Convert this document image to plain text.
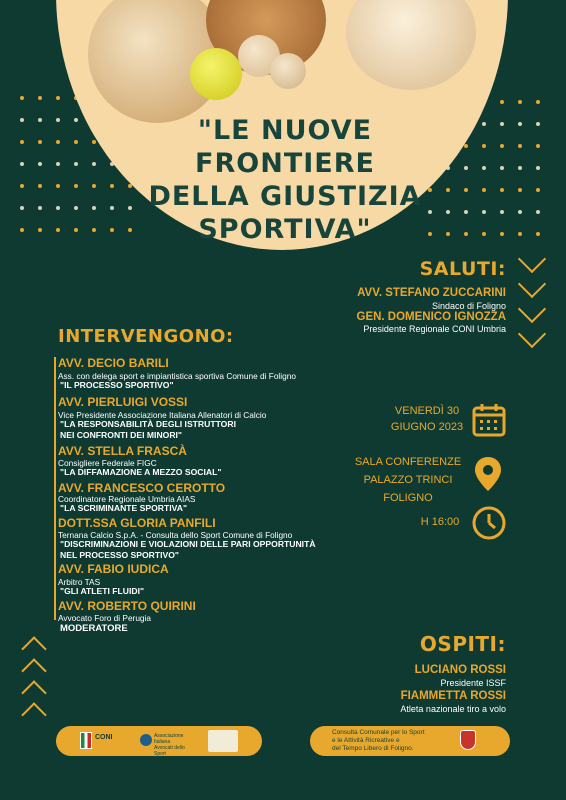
"LE NUOVE FRONTIERE
DELLA GIUSTIZIA
SPORTIVA"
SALUTI:
AVV. STEFANO ZUCCARINI
Sindaco di Foligno
GEN. DOMENICO IGNOZZA
Presidente Regionale CONI Umbria
INTERVENGONO:
AVV. DECIO BARILI
Ass. con delega sport e impiantistica sportiva Comune di Foligno
"IL PROCESSO SPORTIVO"
AVV. PIERLUIGI VOSSI
Vice Presidente Associazione Italiana Allenatori di Calcio
"LA RESPONSABILITÀ DEGLI ISTRUTTORI
NEI CONFRONTI DEI MINORI"
AVV. STELLA FRASCÀ
Consigliere Federale FIGC
"LA DIFFAMAZIONE A MEZZO SOCIAL"
AVV. FRANCESCO CEROTTO
Coordinatore Regionale Umbria AIAS
"LA SCRIMINANTE SPORTIVA"
DOTT.SSA GLORIA PANFILI
Ternana Calcio S.p.A. - Consulta dello Sport Comune di Foligno
"DISCRIMINAZIONI E VIOLAZIONI DELLE PARI OPPORTUNITÀ
NEL PROCESSO SPORTIVO"
AVV. FABIO IUDICA
Arbitro TAS
"GLI ATLETI FLUIDI"
AVV. ROBERTO QUIRINI
Avvocato Foro di Perugia
MODERATORE
VENERDÌ 30
GIUGNO 2023
SALA CONFERENZE
PALAZZO TRINCI
FOLIGNO
H 16:00
OSPITI:
LUCIANO ROSSI
Presidente ISSF
FIAMMETTA ROSSI
Atleta nazionale tiro a volo
CONI	Associazione
Italiana
Avvocati dello Sport
Consulta Comunale per lo Sport
e le Attività Ricreative e
del Tempo Libero di Foligno.
